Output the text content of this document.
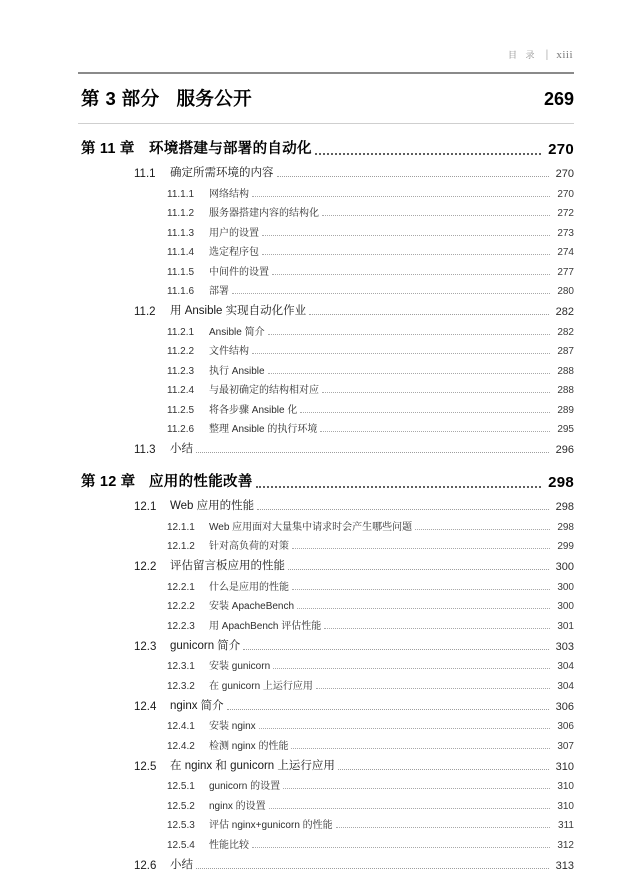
目 录 | xiii
第 3 部分 服务公开	269
第 11 章 环境搭建与部署的自动化	270
11.1	确定所需环境的内容	270
11.1.1	网络结构	270
11.1.2	服务器搭建内容的结构化	272
11.1.3	用户的设置	273
11.1.4	选定程序包	274
11.1.5	中间件的设置	277
11.1.6	部署	280
11.2	用 Ansible 实现自动化作业	282
11.2.1	Ansible 简介	282
11.2.2	文件结构	287
11.2.3	执行 Ansible	288
11.2.4	与最初确定的结构相对应	288
11.2.5	将各步骤 Ansible 化	289
11.2.6	整理 Ansible 的执行环境	295
11.3	小结	296
第 12 章 应用的性能改善	298
12.1	Web 应用的性能	298
12.1.1	Web 应用面对大量集中请求时会产生哪些问题	298
12.1.2	针对高负荷的对策	299
12.2	评估留言板应用的性能	300
12.2.1	什么是应用的性能	300
12.2.2	安装 ApacheBench	300
12.2.3	用 ApachBench 评估性能	301
12.3	gunicorn 简介	303
12.3.1	安装 gunicorn	304
12.3.2	在 gunicorn 上运行应用	304
12.4	nginx 简介	306
12.4.1	安装 nginx	306
12.4.2	检测 nginx 的性能	307
12.5	在 nginx 和 gunicorn 上运行应用	310
12.5.1	gunicorn 的设置	310
12.5.2	nginx 的设置	310
12.5.3	评估 nginx+gunicorn 的性能	311
12.5.4	性能比较	312
12.6	小结	313
